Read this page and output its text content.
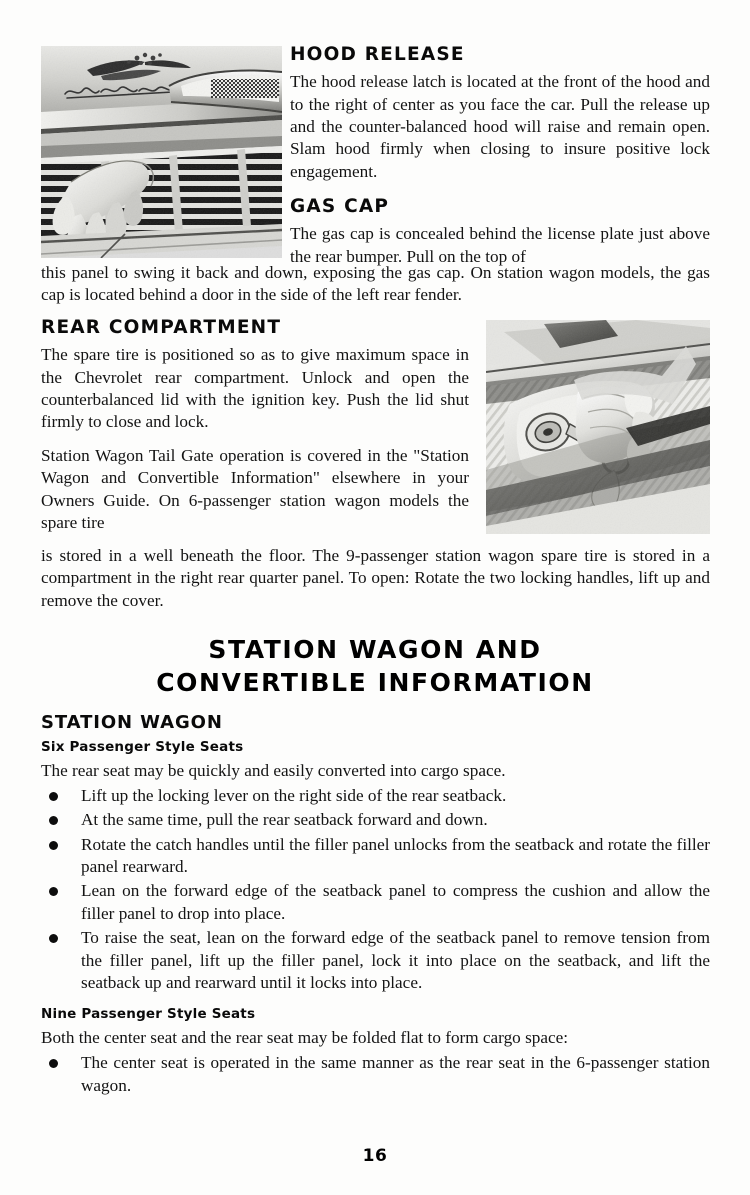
HOOD RELEASE

The hood release latch is located at the front of the hood and to the right of center as you face the car. Pull the release up and the counter-balanced hood will raise and remain open. Slam hood firmly when closing to insure positive lock engagement.

GAS CAP

The gas cap is concealed behind the license plate just above the rear bumper. Pull on the top of

this panel to swing it back and down, exposing the gas cap. On station wagon models, the gas cap is located behind a door in the side of the left rear fender.

REAR COMPARTMENT

The spare tire is positioned so as to give maximum space in the Chevrolet rear compartment. Unlock and open the counterbalanced lid with the ignition key. Push the lid shut firmly to close and lock.

Station Wagon Tail Gate operation is covered in the "Station Wagon and Convertible Information" elsewhere in your Owners Guide. On 6-passenger station wagon models the spare tire

is stored in a well beneath the floor. The 9-passenger station wagon spare tire is stored in a compartment in the right rear quarter panel. To open: Rotate the two locking handles, lift up and remove the cover.

STATION WAGON AND
CONVERTIBLE INFORMATION
STATION WAGON
Six Passenger Style Seats

The rear seat may be quickly and easily converted into cargo space.

Lift up the locking lever on the right side of the rear seatback.
At the same time, pull the rear seatback forward and down.
Rotate the catch handles until the filler panel unlocks from the seatback and rotate the filler panel rearward.
Lean on the forward edge of the seatback panel to compress the cushion and allow the filler panel to drop into place.
To raise the seat, lean on the forward edge of the seatback panel to remove tension from the filler panel, lift up the filler panel, lock it into place on the seatback, and lift the seatback up and rearward until it locks into place.
Nine Passenger Style Seats

Both the center seat and the rear seat may be folded flat to form cargo space:

The center seat is operated in the same manner as the rear seat in the 6-passenger station wagon.
16
